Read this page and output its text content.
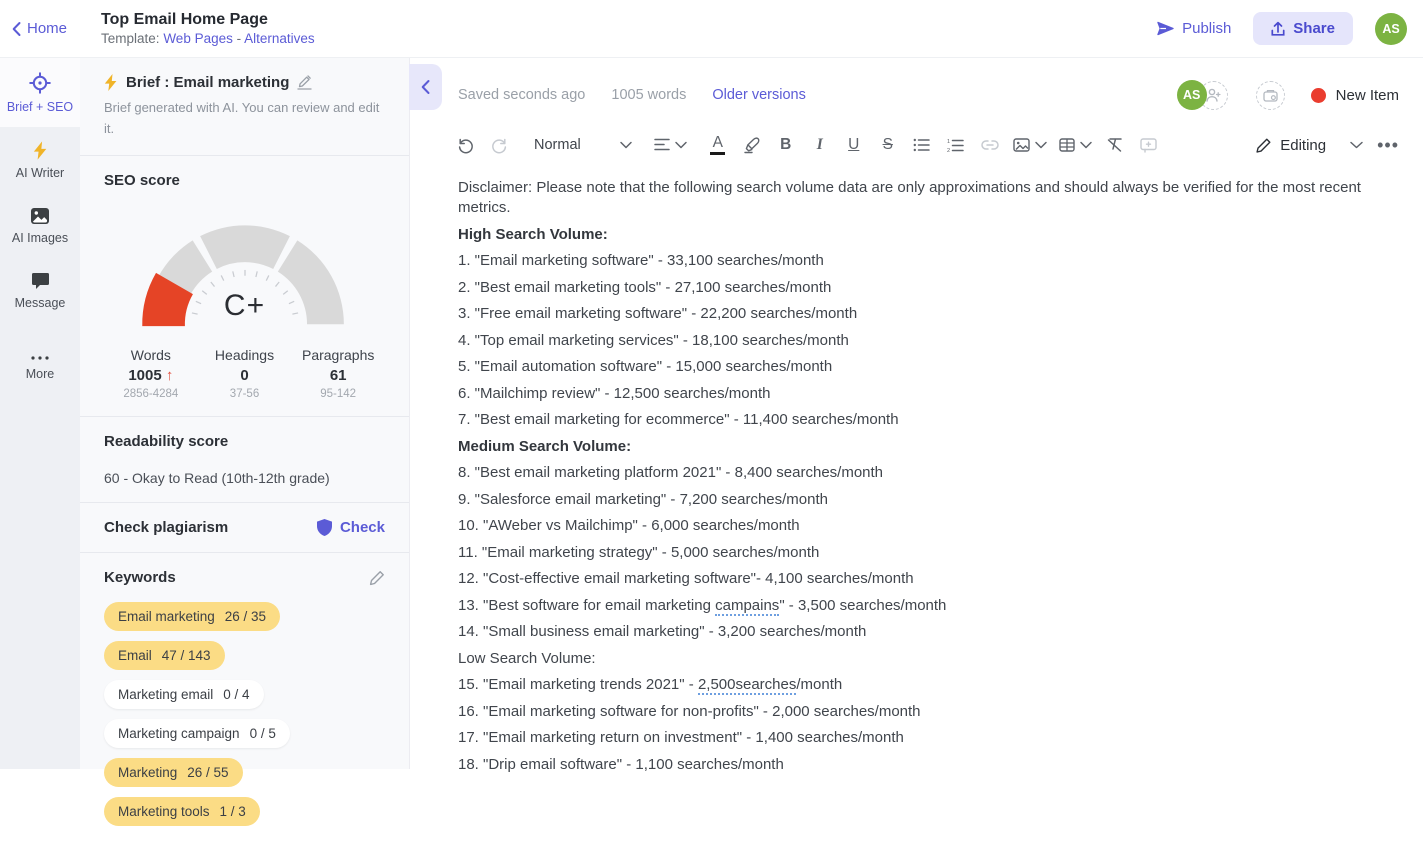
Home
Top Email Home Page
Template: Web Pages - Alternatives
Publish	Share	AS
Brief + SEO
AI Writer
AI Images
Message
More
Brief : Email marketing
Brief generated with AI. You can review and edit it.
SEO score
C+
Words
1005 ↑
2856-4284
Headings
0
37-56
Paragraphs
61
95-142
Readability score
60 - Okay to Read (10th-12th grade)
Check plagiarism	Check
Keywords
Email marketing 26 / 35
Email 47 / 143
Marketing email 0 / 4
Marketing campaign 0 / 5
Marketing 26 / 55
Marketing tools 1 / 3
Saved seconds ago 1005 words Older versions	AS	New Item
Normal	A	B I U S	1
2	Editing	•••

Disclaimer: Please note that the following search volume data are only approximations and should always be verified for the most recent metrics.

High Search Volume:

1. "Email marketing software" - 33,100 searches/month

2. "Best email marketing tools" - 27,100 searches/month

3. "Free email marketing software" - 22,200 searches/month

4. "Top email marketing services" - 18,100 searches/month

5. "Email automation software" - 15,000 searches/month

6. "Mailchimp review" - 12,500 searches/month

7. "Best email marketing for ecommerce" - 11,400 searches/month

Medium Search Volume:

8. "Best email marketing platform 2021" - 8,400 searches/month

9. "Salesforce email marketing" - 7,200 searches/month

10. "AWeber vs Mailchimp" - 6,000 searches/month

11. "Email marketing strategy" - 5,000 searches/month

12. "Cost-effective email marketing software"- 4,100 searches/month

13. "Best software for email marketing campains" - 3,500 searches/month

14. "Small business email marketing" - 3,200 searches/month

Low Search Volume:

15. "Email marketing trends 2021" - 2,500searches/month

16. "Email marketing software for non-profits" - 2,000 searches/month

17. "Email marketing return on investment" - 1,400 searches/month

18. "Drip email software" - 1,100 searches/month
